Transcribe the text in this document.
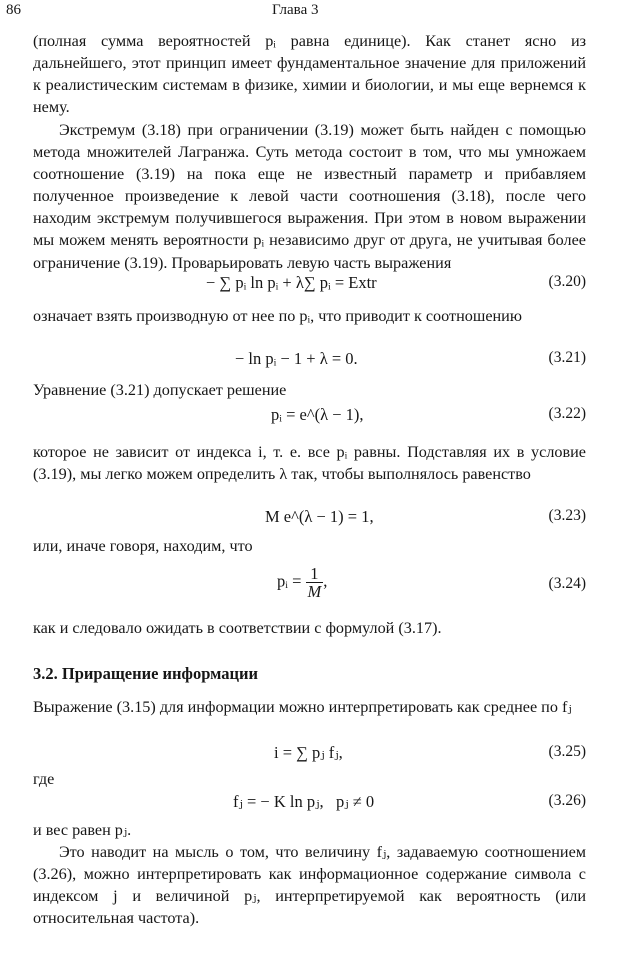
86	Глава 3

(полная сумма вероятностей pᵢ равна единице). Как станет ясно из дальнейшего, этот принцип имеет фундаментальное значение для приложений к реалистическим системам в физике, химии и биологии, и мы еще вернемся к нему.

Экстремум (3.18) при ограничении (3.19) может быть найден с помощью метода множителей Лагранжа. Суть метода состоит в том, что мы умножаем соотношение (3.19) на пока еще не известный параметр и прибавляем полученное произведение к левой части соотношения (3.18), после чего находим экстремум получившегося выражения. При этом в новом выражении мы можем менять вероятности pᵢ независимо друг от друга, не учитывая более ограничение (3.19). Проварьировать левую часть выражения

− ∑ pᵢ ln pᵢ + λ∑ pᵢ = Extr	(3.20)

означает взять производную от нее по pᵢ, что приводит к соотношению

− ln pᵢ − 1 + λ = 0.	(3.21)

Уравнение (3.21) допускает решение

pᵢ = e^(λ − 1),	(3.22)

которое не зависит от индекса i, т. е. все pᵢ равны. Подставляя их в условие (3.19), мы легко можем определить λ так, чтобы выполнялось равенство

M e^(λ − 1) = 1,	(3.23)

или, иначе говоря, находим, что

pᵢ = $\frac{1}{M}$ ,	(3.24)

как и следовало ожидать в соответствии с формулой (3.17).

3.2. Приращение информации

Выражение (3.15) для информации можно интерпретировать как среднее по fⱼ

i = ∑ pⱼ fⱼ,	(3.25)

где

fⱼ = − K ln pⱼ,   pⱼ ≠ 0	(3.26)

и вес равен pⱼ.

Это наводит на мысль о том, что величину fⱼ, задаваемую соотношением (3.26), можно интерпретировать как информационное содержание символа с индексом j и величиной pⱼ, интерпретируемой как вероятность (или относительная частота).
